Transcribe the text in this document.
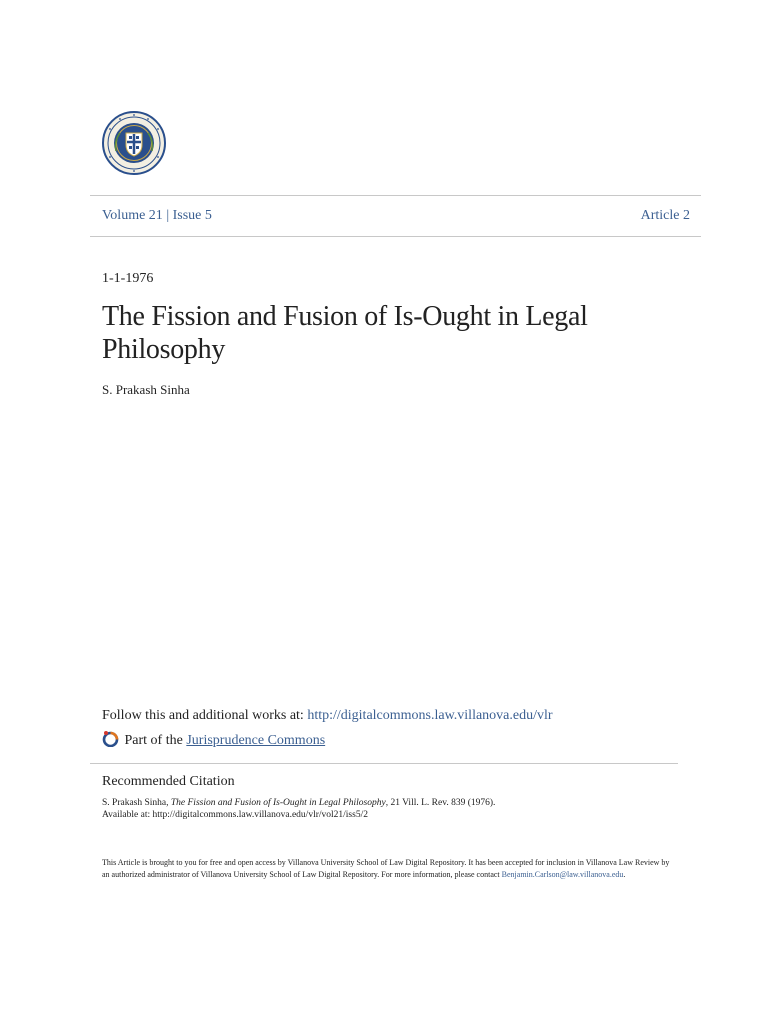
Volume 21 | Issue 5	Article 2
1-1-1976
The Fission and Fusion of Is-Ought in Legal Philosophy
S. Prakash Sinha
Follow this and additional works at: http://digitalcommons.law.villanova.edu/vlr
Part of the Jurisprudence Commons
Recommended Citation
S. Prakash Sinha, The Fission and Fusion of Is-Ought in Legal Philosophy, 21 Vill. L. Rev. 839 (1976).
Available at: http://digitalcommons.law.villanova.edu/vlr/vol21/iss5/2
This Article is brought to you for free and open access by Villanova University School of Law Digital Repository. It has been accepted for inclusion in Villanova Law Review by an authorized administrator of Villanova University School of Law Digital Repository. For more information, please contact Benjamin.Carlson@law.villanova.edu.
